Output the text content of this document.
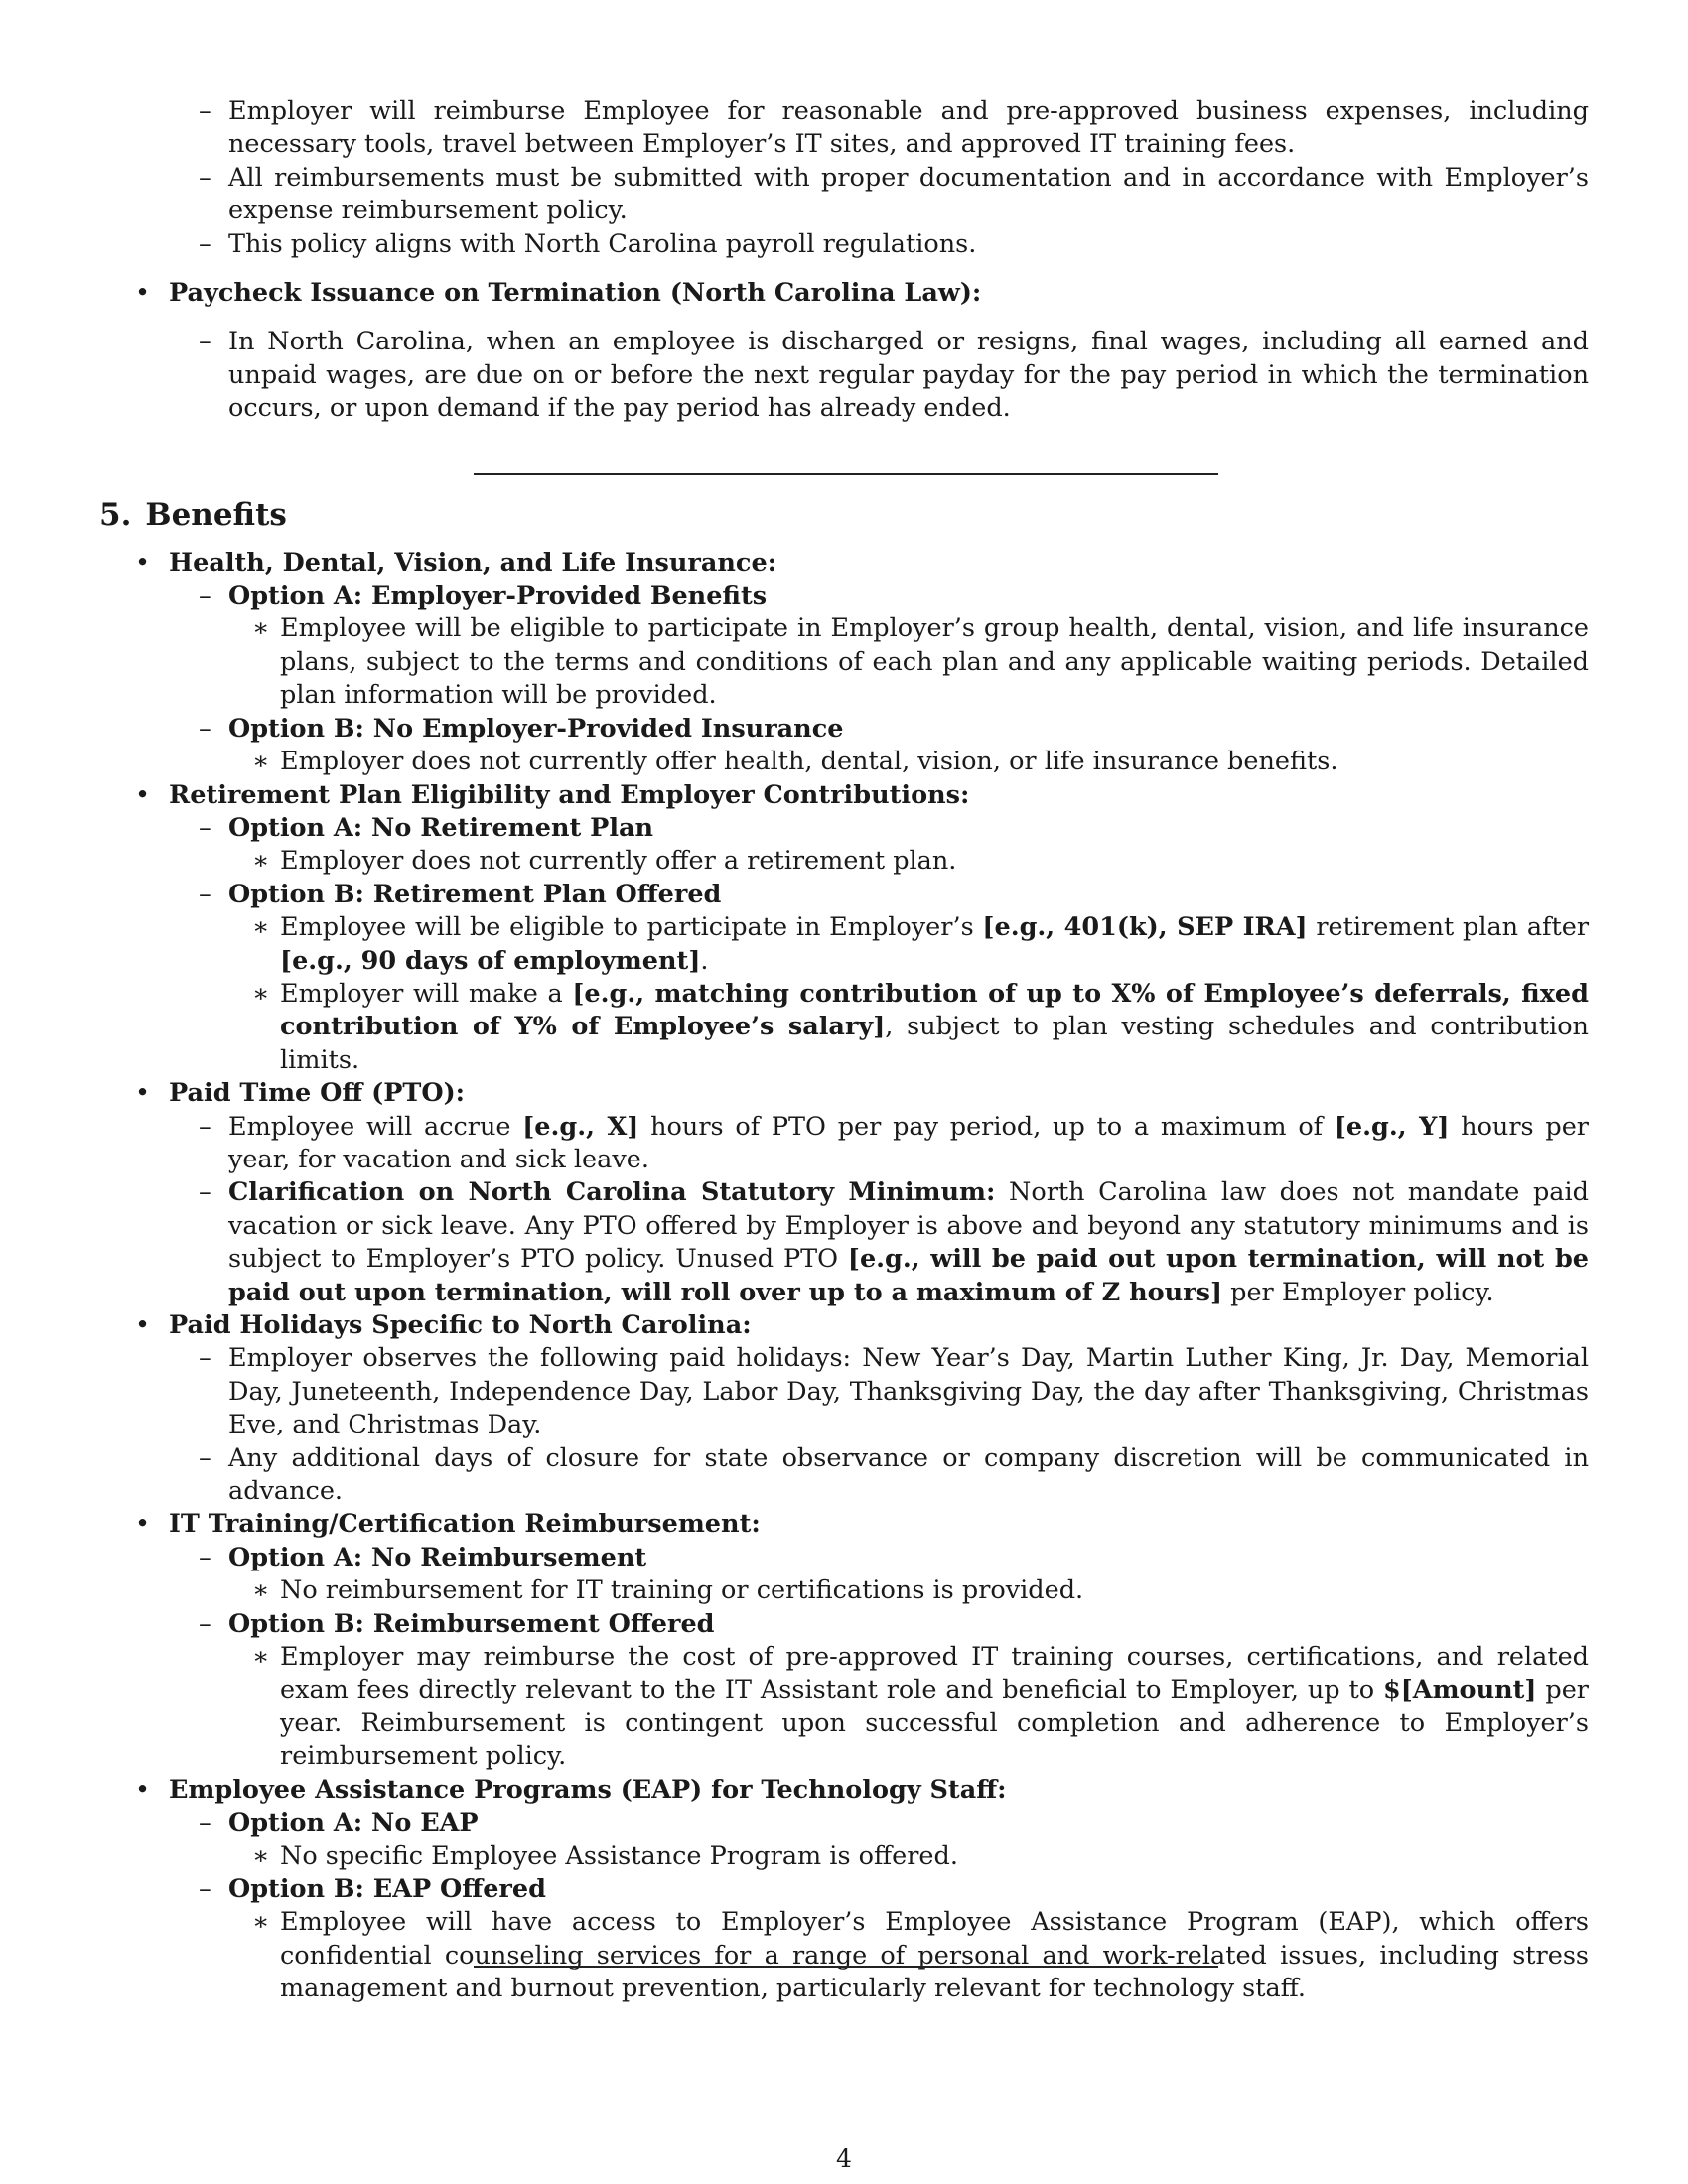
– Employer will reimburse Employee for reasonable and pre-approved business expenses, including necessary tools, travel between Employer’s IT sites, and approved IT training fees.
– All reimbursements must be submitted with proper documentation and in accordance with Employer’s expense reimbursement policy.
– This policy aligns with North Carolina payroll regulations.
• Paycheck Issuance on Termination (North Carolina Law):
– In North Carolina, when an employee is discharged or resigns, final wages, including all earned and unpaid wages, are due on or before the next regular payday for the pay period in which the termination occurs, or upon demand if the pay period has already ended.
5. Benefits
• Health, Dental, Vision, and Life Insurance:
– Option A: Employer-Provided Benefits
∗ Employee will be eligible to participate in Employer’s group health, dental, vision, and life insurance plans, subject to the terms and conditions of each plan and any applicable waiting periods. Detailed plan information will be provided.
– Option B: No Employer-Provided Insurance
∗ Employer does not currently offer health, dental, vision, or life insurance benefits.
• Retirement Plan Eligibility and Employer Contributions:
– Option A: No Retirement Plan
∗ Employer does not currently offer a retirement plan.
– Option B: Retirement Plan Offered
∗ Employee will be eligible to participate in Employer’s [e.g., 401(k), SEP IRA] retirement plan after [e.g., 90 days of employment].
∗ Employer will make a [e.g., matching contribution of up to X% of Employee’s deferrals, fixed contribution of Y% of Employee’s salary], subject to plan vesting schedules and contribution limits.
• Paid Time Off (PTO):
– Employee will accrue [e.g., X] hours of PTO per pay period, up to a maximum of [e.g., Y] hours per year, for vacation and sick leave.
– Clarification on North Carolina Statutory Minimum: North Carolina law does not mandate paid vacation or sick leave. Any PTO offered by Employer is above and beyond any statutory minimums and is subject to Employer’s PTO policy. Unused PTO [e.g., will be paid out upon termination, will not be paid out upon termination, will roll over up to a maximum of Z hours] per Employer policy.
• Paid Holidays Specific to North Carolina:
– Employer observes the following paid holidays: New Year’s Day, Martin Luther King, Jr. Day, Memorial Day, Juneteenth, Independence Day, Labor Day, Thanksgiving Day, the day after Thanksgiving, Christmas Eve, and Christmas Day.
– Any additional days of closure for state observance or company discretion will be communicated in advance.
• IT Training/Certification Reimbursement:
– Option A: No Reimbursement
∗ No reimbursement for IT training or certifications is provided.
– Option B: Reimbursement Offered
∗ Employer may reimburse the cost of pre-approved IT training courses, certifications, and related exam fees directly relevant to the IT Assistant role and beneficial to Employer, up to $[Amount] per year. Reimbursement is contingent upon successful completion and adherence to Employer’s reimbursement policy.
• Employee Assistance Programs (EAP) for Technology Staff:
– Option A: No EAP
∗ No specific Employee Assistance Program is offered.
– Option B: EAP Offered
∗ Employee will have access to Employer’s Employee Assistance Program (EAP), which offers confidential counseling services for a range of personal and work-related issues, including stress management and burnout prevention, particularly relevant for technology staff.
4
